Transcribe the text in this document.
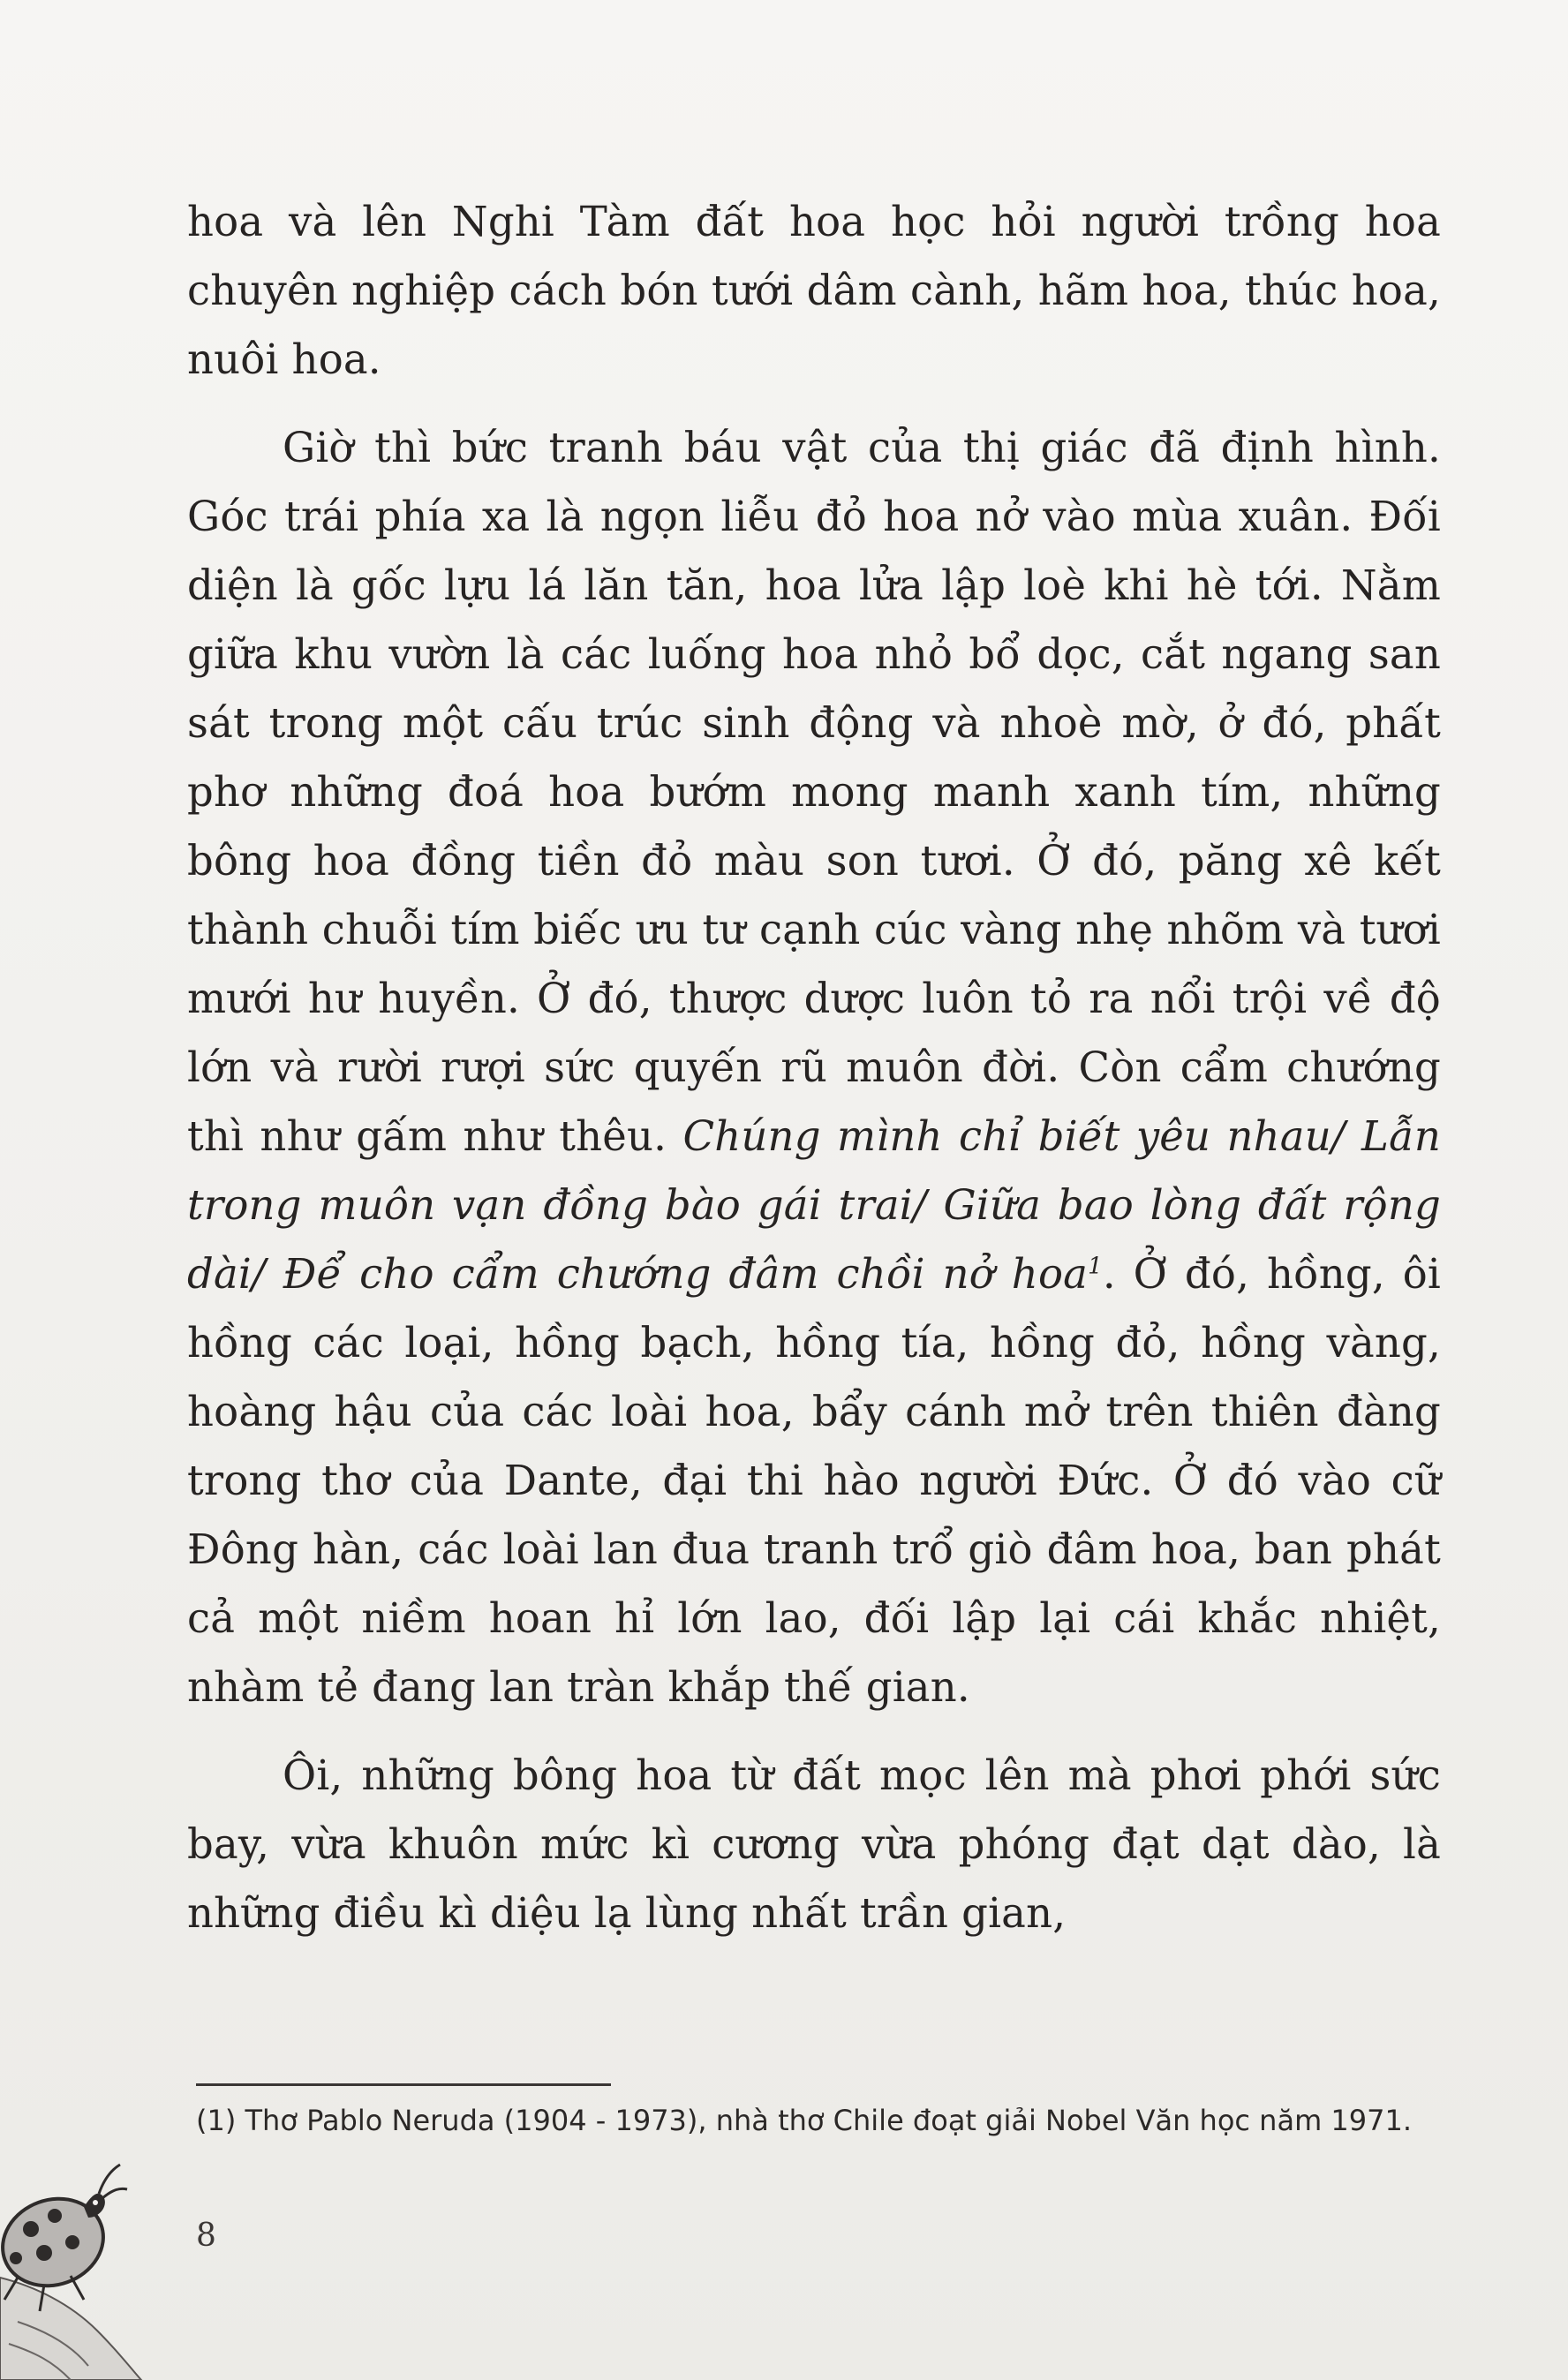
hoa và lên Nghi Tàm đất hoa học hỏi người trồng hoa chuyên nghiệp cách bón tưới dâm cành, hãm hoa, thúc hoa, nuôi hoa.

Giờ thì bức tranh báu vật của thị giác đã định hình. Góc trái phía xa là ngọn liễu đỏ hoa nở vào mùa xuân. Đối diện là gốc lựu lá lăn tăn, hoa lửa lập loè khi hè tới. Nằm giữa khu vườn là các luống hoa nhỏ bổ dọc, cắt ngang san sát trong một cấu trúc sinh động và nhoè mờ, ở đó, phất phơ những đoá hoa bướm mong manh xanh tím, những bông hoa đồng tiền đỏ màu son tươi. Ở đó, păng xê kết thành chuỗi tím biếc ưu tư cạnh cúc vàng nhẹ nhõm và tươi mưới hư huyền. Ở đó, thược dược luôn tỏ ra nổi trội về độ lớn và rười rượi sức quyến rũ muôn đời. Còn cẩm chướng thì như gấm như thêu. Chúng mình chỉ biết yêu nhau/ Lẫn trong muôn vạn đồng bào gái trai/ Giữa bao lòng đất rộng dài/ Để cho cẩm chướng đâm chồi nở hoa$^1$. Ở đó, hồng, ôi hồng các loại, hồng bạch, hồng tía, hồng đỏ, hồng vàng, hoàng hậu của các loài hoa, bẩy cánh mở trên thiên đàng trong thơ của Dante, đại thi hào người Đức. Ở đó vào cữ Đông hàn, các loài lan đua tranh trổ giò đâm hoa, ban phát cả một niềm hoan hỉ lớn lao, đối lập lại cái khắc nhiệt, nhàm tẻ đang lan tràn khắp thế gian.

Ôi, những bông hoa từ đất mọc lên mà phơi phới sức bay, vừa khuôn mức kì cương vừa phóng đạt dạt dào, là những điều kì diệu lạ lùng nhất trần gian,

(1) Thơ Pablo Neruda (1904 - 1973), nhà thơ Chile đoạt giải Nobel Văn học năm 1971.

8
